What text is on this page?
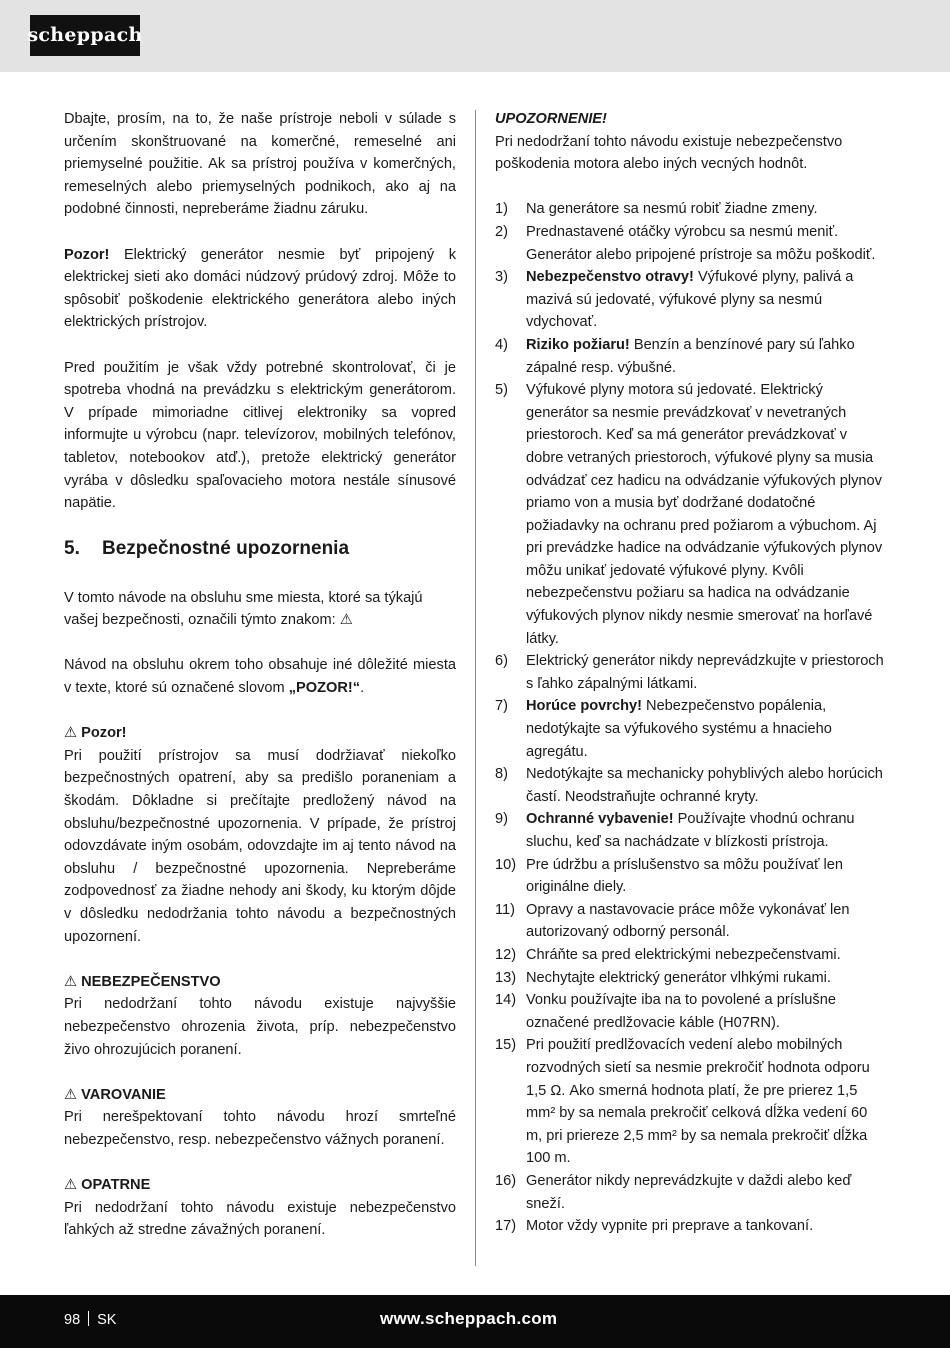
scheppach

Dbajte, prosím, na to, že naše prístroje neboli v súlade s určením skonštruované na komerčné, remeselné ani priemyselné použitie. Ak sa prístroj používa v komerčných, remeselných alebo priemyselných podnikoch, ako aj na podobné činnosti, nepreberáme žiadnu záruku.

Pozor! Elektrický generátor nesmie byť pripojený k elektrickej sieti ako domáci núdzový prúdový zdroj. Môže to spôsobiť poškodenie elektrického generátora alebo iných elektrických prístrojov.

Pred použitím je však vždy potrebné skontrolovať, či je spotreba vhodná na prevádzku s elektrickým generátorom. V prípade mimoriadne citlivej elektroniky sa vopred informujte u výrobcu (napr. televízorov, mobilných telefónov, tabletov, notebookov atď.), pretože elektrický generátor vyrába v dôsledku spaľovacieho motora nestále sínusové napätie.

5.	Bezpečnostné upozornenia

V tomto návode na obsluhu sme miesta, ktoré sa týkajú vašej bezpečnosti, označili týmto znakom: ⚠

Návod na obsluhu okrem toho obsahuje iné dôležité miesta v texte, ktoré sú označené slovom „POZOR!“.

⚠ Pozor!

Pri použití prístrojov sa musí dodržiavať niekoľko bezpečnostných opatrení, aby sa predišlo poraneniam a škodám. Dôkladne si prečítajte predložený návod na obsluhu/bezpečnostné upozornenia. V prípade, že prístroj odovzdávate iným osobám, odovzdajte im aj tento návod na obsluhu / bezpečnostné upozornenia. Nepreberáme zodpovednosť za žiadne nehody ani škody, ku ktorým dôjde v dôsledku nedodržania tohto návodu a bezpečnostných upozornení.

⚠ NEBEZPEČENSTVO

Pri nedodržaní tohto návodu existuje najvyššie nebezpečenstvo ohrozenia života, príp. nebezpečenstvo živo ohrozujúcich poranení.

⚠ VAROVANIE

Pri nerešpektovaní tohto návodu hrozí smrteľné nebezpečenstvo, resp. nebezpečenstvo vážnych poranení.

⚠ OPATRNE

Pri nedodržaní tohto návodu existuje nebezpečenstvo ľahkých až stredne závažných poranení.

UPOZORNENIE!

Pri nedodržaní tohto návodu existuje nebezpečenstvo poškodenia motora alebo iných vecných hodnôt.

1)	Na generátore sa nesmú robiť žiadne zmeny.
2)	Prednastavené otáčky výrobcu sa nesmú meniť. Generátor alebo pripojené prístroje sa môžu poškodiť.
3)	Nebezpečenstvo otravy! Výfukové plyny, palivá a mazivá sú jedovaté, výfukové plyny sa nesmú vdychovať.
4)	Riziko požiaru! Benzín a benzínové pary sú ľahko zápalné resp. výbušné.
5)	Výfukové plyny motora sú jedovaté. Elektrický generátor sa nesmie prevádzkovať v nevetraných priestoroch. Keď sa má generátor prevádzkovať v dobre vetraných priestoroch, výfukové plyny sa musia odvádzať cez hadicu na odvádzanie výfukových plynov priamo von a musia byť dodržané dodatočné požiadavky na ochranu pred požiarom a výbuchom. Aj pri prevádzke hadice na odvádzanie výfukových plynov môžu unikať jedovaté výfukové plyny. Kvôli nebezpečenstvu požiaru sa hadica na odvádzanie výfukových plynov nikdy nesmie smerovať na horľavé látky.
6)	Elektrický generátor nikdy neprevádzkujte v priestoroch s ľahko zápalnými látkami.
7)	Horúce povrchy! Nebezpečenstvo popálenia, nedotýkajte sa výfukového systému a hnacieho agregátu.
8)	Nedotýkajte sa mechanicky pohyblivých alebo horúcich častí. Neodstraňujte ochranné kryty.
9)	Ochranné vybavenie! Používajte vhodnú ochranu sluchu, keď sa nachádzate v blízkosti prístroja.
10) Pre údržbu a príslušenstvo sa môžu používať len originálne diely.
11) Opravy a nastavovacie práce môže vykonávať len autorizovaný odborný personál.
12) Chráňte sa pred elektrickými nebezpečenstvami.
13) Nechytajte elektrický generátor vlhkými rukami.
14) Vonku používajte iba na to povolené a príslušne označené predlžovacie káble (H07RN).
15) Pri použití predlžovacích vedení alebo mobilných rozvodných sietí sa nesmie prekročiť hodnota odporu 1,5 Ω. Ako smerná hodnota platí, že pre prierez 1,5 mm² by sa nemala prekročiť celková dĺžka vedení 60 m, pri priereze 2,5 mm² by sa nemala prekročiť dĺžka 100 m.
16) Generátor nikdy neprevádzkujte v daždi alebo keď sneží.
17) Motor vždy vypnite pri preprave a tankovaní.
98 SK	www.scheppach.com
